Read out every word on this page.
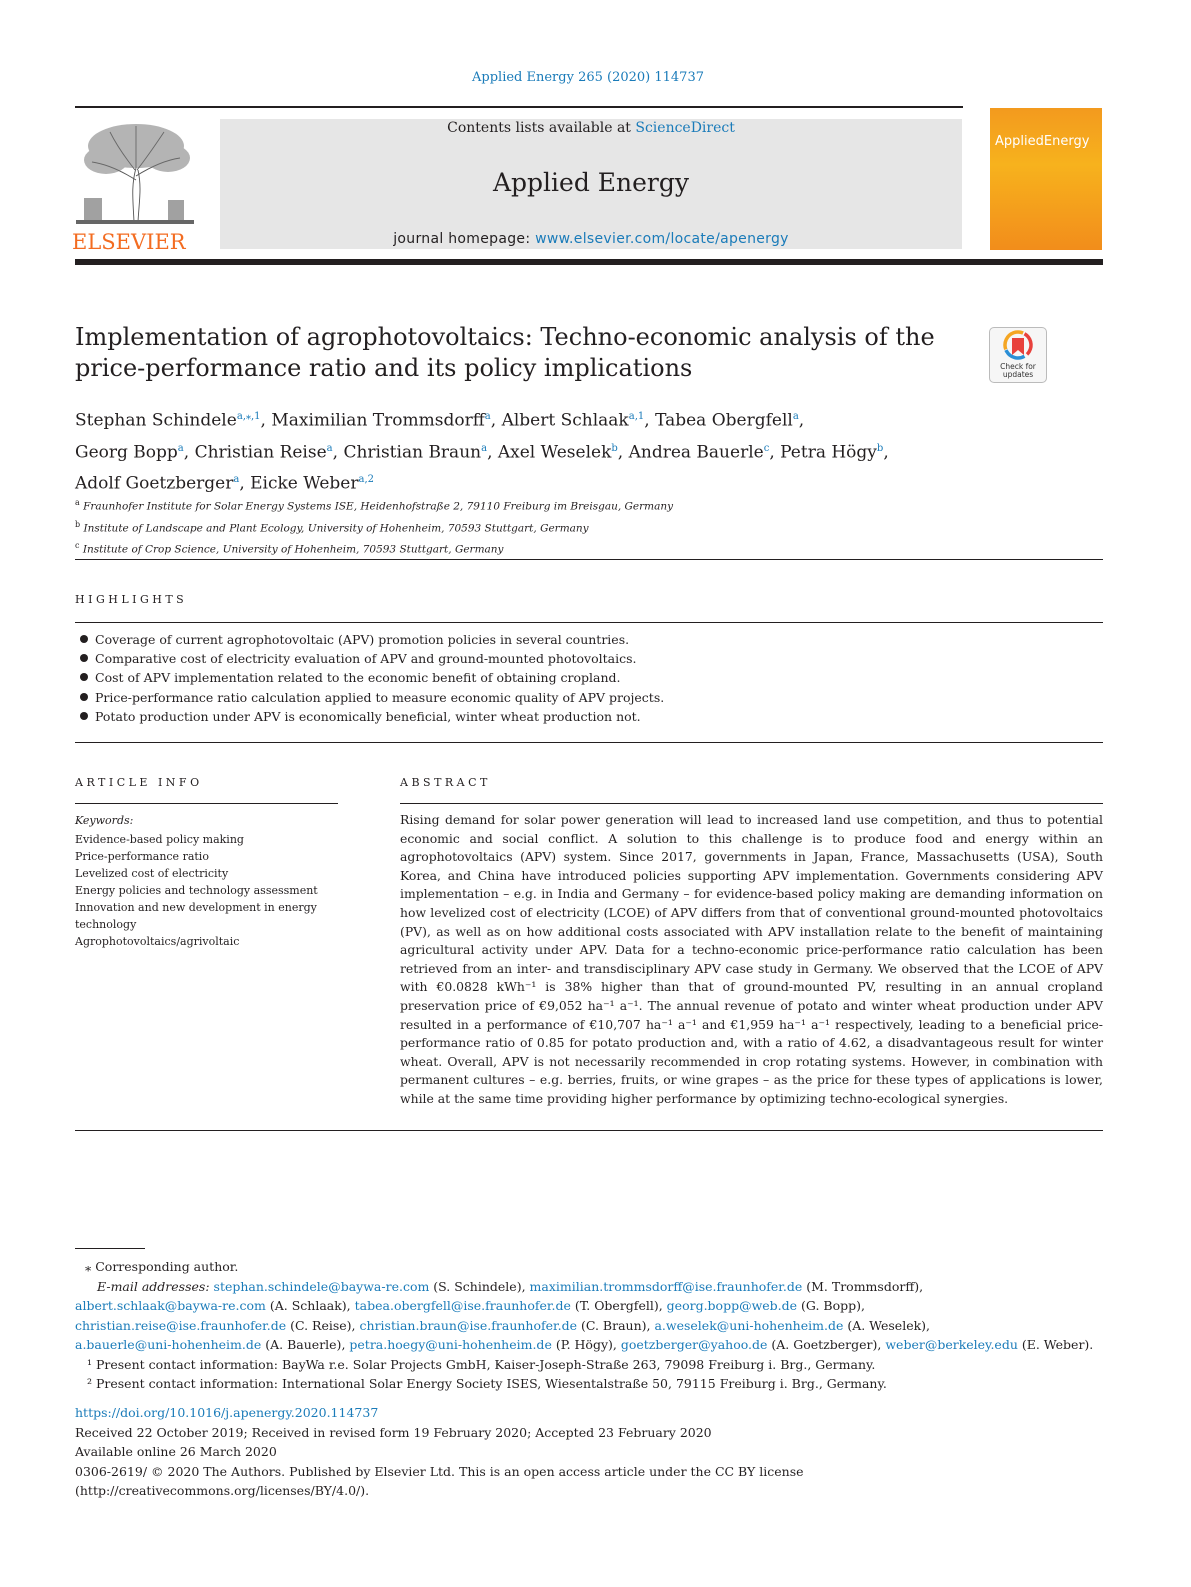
Applied Energy 265 (2020) 114737
ELSEVIER
Contents lists available at ScienceDirect
Applied Energy
journal homepage: www.elsevier.com/locate/apenergy
AppliedEnergy
Implementation of agrophotovoltaics: Techno-economic analysis of the price-performance ratio and its policy implications	Check for
updates
Stephan Schindele$^{a,⁎,1}$, Maximilian Trommsdorff$^a$, Albert Schlaak$^{a,1}$, Tabea Obergfell$^a$,
Georg Bopp$^a$, Christian Reise$^a$, Christian Braun$^a$, Axel Weselek$^b$, Andrea Bauerle$^c$, Petra Högy$^b$,
Adolf Goetzberger$^a$, Eicke Weber$^{a,2}$
$^a$ Fraunhofer Institute for Solar Energy Systems ISE, Heidenhofstraße 2, 79110 Freiburg im Breisgau, Germany
$^b$ Institute of Landscape and Plant Ecology, University of Hohenheim, 70593 Stuttgart, Germany
$^c$ Institute of Crop Science, University of Hohenheim, 70593 Stuttgart, Germany
HIGHLIGHTS
Coverage of current agrophotovoltaic (APV) promotion policies in several countries.
Comparative cost of electricity evaluation of APV and ground-mounted photovoltaics.
Cost of APV implementation related to the economic benefit of obtaining cropland.
Price-performance ratio calculation applied to measure economic quality of APV projects.
Potato production under APV is economically beneficial, winter wheat production not.
ARTICLE INFO
Keywords:
Evidence-based policy making
Price-performance ratio
Levelized cost of electricity
Energy policies and technology assessment
Innovation and new development in energy technology
Agrophotovoltaics/agrivoltaic
ABSTRACT
Rising demand for solar power generation will lead to increased land use competition, and thus to potential economic and social conflict. A solution to this challenge is to produce food and energy within an agrophotovoltaics (APV) system. Since 2017, governments in Japan, France, Massachusetts (USA), South Korea, and China have introduced policies supporting APV implementation. Governments considering APV implementation – e.g. in India and Germany – for evidence-based policy making are demanding information on how levelized cost of electricity (LCOE) of APV differs from that of conventional ground-mounted photovoltaics (PV), as well as on how additional costs associated with APV installation relate to the benefit of maintaining agricultural activity under APV. Data for a techno-economic price-performance ratio calculation has been retrieved from an inter- and transdisciplinary APV case study in Germany. We observed that the LCOE of APV with €0.0828 kWh⁻¹ is 38% higher than that of ground-mounted PV, resulting in an annual cropland preservation price of €9,052 ha⁻¹ a⁻¹. The annual revenue of potato and winter wheat production under APV resulted in a performance of €10,707 ha⁻¹ a⁻¹ and €1,959 ha⁻¹ a⁻¹ respectively, leading to a beneficial price-performance ratio of 0.85 for potato production and, with a ratio of 4.62, a disadvantageous result for winter wheat. Overall, APV is not necessarily recommended in crop rotating systems. However, in combination with permanent cultures – e.g. berries, fruits, or wine grapes – as the price for these types of applications is lower, while at the same time providing higher performance by optimizing techno-ecological synergies.
⁎ Corresponding author.
E-mail addresses: stephan.schindele@baywa-re.com (S. Schindele), maximilian.trommsdorff@ise.fraunhofer.de (M. Trommsdorff),
albert.schlaak@baywa-re.com (A. Schlaak), tabea.obergfell@ise.fraunhofer.de (T. Obergfell), georg.bopp@web.de (G. Bopp),
christian.reise@ise.fraunhofer.de (C. Reise), christian.braun@ise.fraunhofer.de (C. Braun), a.weselek@uni-hohenheim.de (A. Weselek),
a.bauerle@uni-hohenheim.de (A. Bauerle), petra.hoegy@uni-hohenheim.de (P. Högy), goetzberger@yahoo.de (A. Goetzberger), weber@berkeley.edu (E. Weber).
¹ Present contact information: BayWa r.e. Solar Projects GmbH, Kaiser-Joseph-Straße 263, 79098 Freiburg i. Brg., Germany.
² Present contact information: International Solar Energy Society ISES, Wiesentalstraße 50, 79115 Freiburg i. Brg., Germany.
https://doi.org/10.1016/j.apenergy.2020.114737
Received 22 October 2019; Received in revised form 19 February 2020; Accepted 23 February 2020
Available online 26 March 2020
0306-2619/ © 2020 The Authors. Published by Elsevier Ltd. This is an open access article under the CC BY license
(http://creativecommons.org/licenses/BY/4.0/).
